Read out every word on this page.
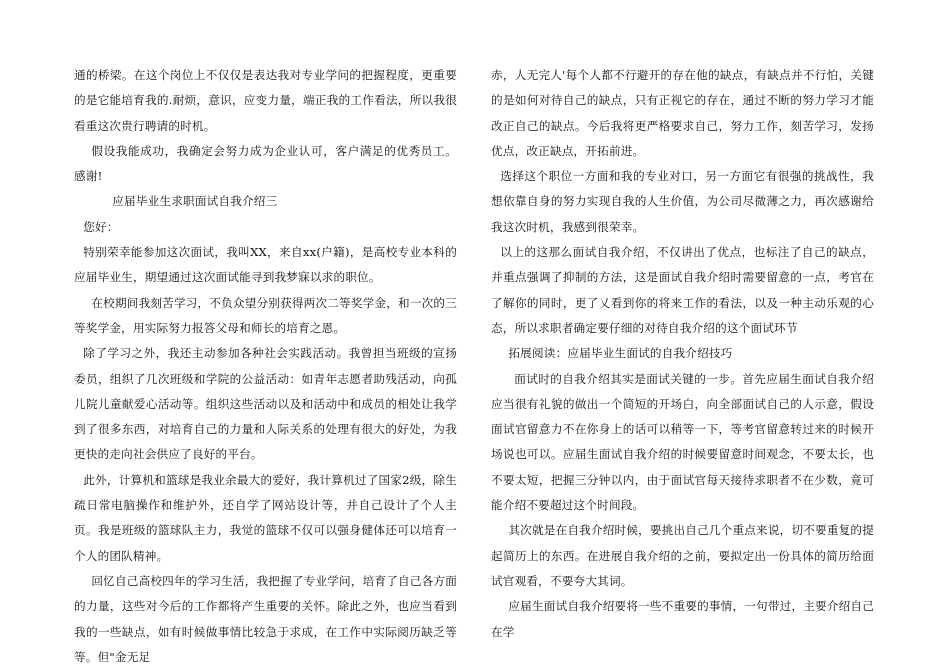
通的桥梁。在这个岗位上不仅仅是表达我对专业学问的把握程度，更重要的是它能培育我的.耐烦，意识，应变力量，端正我的工作看法，所以我很看重这次贵行聘请的时机。

假设我能成功，我确定会努力成为企业认可，客户满足的优秀员工。 感谢!

应届毕业生求职面试自我介绍三

您好：

特别荣幸能参加这次面试，我叫XX，来自xx(户籍)，是高校专业本科的应届毕业生，期望通过这次面试能寻到我梦寐以求的职位。

在校期间我刻苦学习，不负众望分别获得两次二等奖学金，和一次的三等奖学金，用实际努力报答父母和师长的培育之恩。

除了学习之外，我还主动参加各种社会实践活动。我曾担当班级的宣扬委员，组织了几次班级和学院的公益活动：如青年志愿者助残活动，向孤儿院儿童献爱心活动等。组织这些活动以及和活动中和成员的相处让我学到了很多东西，对培育自己的力量和人际关系的处理有很大的好处，为我更快的走向社会供应了良好的平台。

此外，计算机和篮球是我业余最大的爱好，我计算机过了国家2级，除生疏日常电脑操作和维护外，还自学了网站设计等，并自己设计了个人主页。我是班级的篮球队主力，我觉的篮球不仅可以强身健体还可以培育一个人的团队精神。

回忆自己高校四年的学习生活，我把握了专业学问，培育了自己各方面的力量，这些对今后的工作都将产生重要的关怀。除此之外，也应当看到我的一些缺点，如有时候做事情比较急于求成，在工作中实际阅历缺乏等等。但"金无足

赤，人无完人'每个人都不行避开的存在他的缺点，有缺点并不行怕，关键的是如何对待自己的缺点，只有正视它的存在，通过不断的努力学习才能改正自己的缺点。今后我将更严格要求自己，努力工作，刻苦学习，发扬优点，改正缺点，开拓前进。

选择这个职位一方面和我的专业对口，另一方面它有很强的挑战性，我想依靠自身的努力实现自我的人生价值，为公司尽微薄之力，再次感谢给我这次时机，我感到很荣幸。

以上的这那么面试自我介绍，不仅讲出了优点，也标注了自己的缺点，并重点强调了抑制的方法，这是面试自我介绍时需要留意的一点，考官在了解你的同时，更了乂看到你的将来工作的看法，以及一种主动乐观的心态，所以求职者确定要仔细的对待自我介绍的这个面试环节

拓展阅读：应届毕业生面试的自我介绍技巧

面试时的自我介绍其实是面试关键的一步。首先应届生面试自我介绍应当很有礼貌的做出一个简短的开场白，向全部面试自己的人示意，假设面试官留意力不在你身上的话可以稍等一下，等考官留意转过来的时候开场说也可以。应届生面试自我介绍的时候要留意时间观念，不要太长，也不要太短，把握三分钟以内，由于面试官每天接待求职者不在少数，竟可能介绍不要超过这个时间段。

其次就是在自我介绍时候，要挑出自己几个重点来说，切不要重复的提起简历上的东西。在进展自我介绍的之前，要拟定出一份具体的简历给面试官观看，不要夸大其词。

应届生面试自我介绍要将一些不重要的事情，一句带过，主要介绍自己在学
